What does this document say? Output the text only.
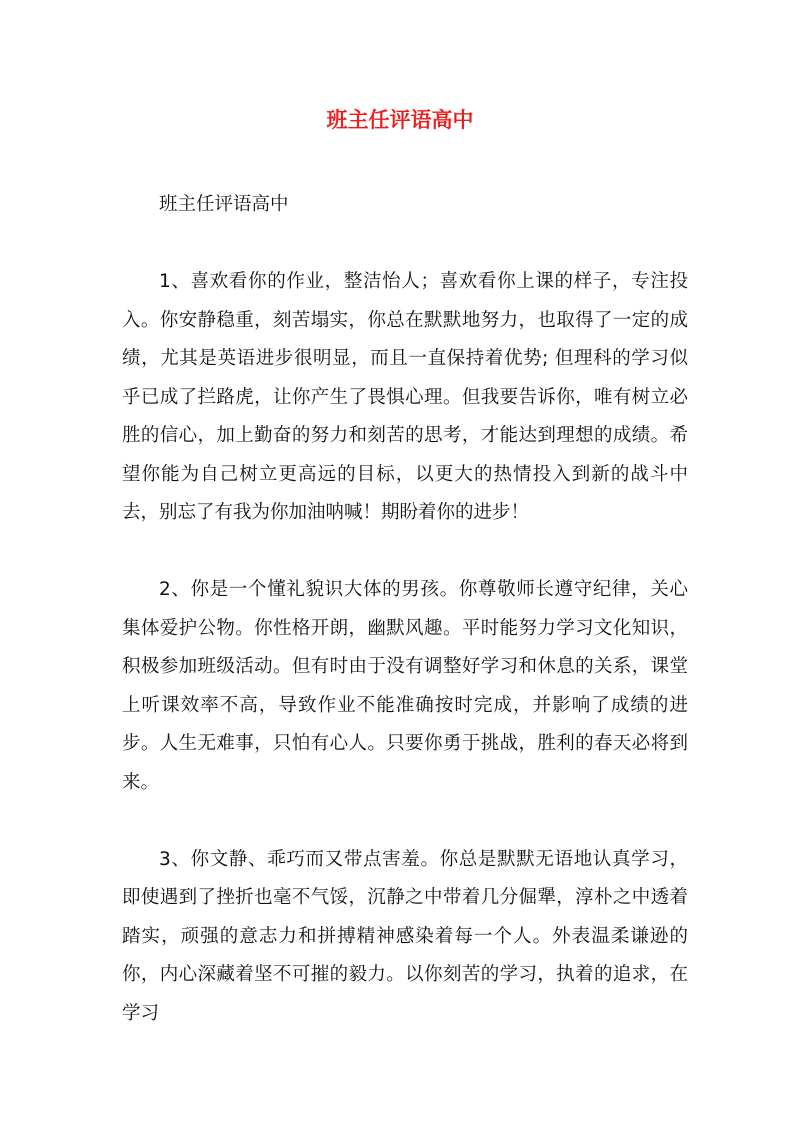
班主任评语高中

班主任评语高中

1、喜欢看你的作业，整洁怡人；喜欢看你上课的样子，专注投入。你安静稳重，刻苦塌实，你总在默默地努力，也取得了一定的成绩，尤其是英语进步很明显，而且一直保持着优势; 但理科的学习似乎已成了拦路虎，让你产生了畏惧心理。但我要告诉你，唯有树立必胜的信心，加上勤奋的努力和刻苦的思考，才能达到理想的成绩。希望你能为自己树立更高远的目标，以更大的热情投入到新的战斗中去，别忘了有我为你加油呐喊！期盼着你的进步！

2、你是一个懂礼貌识大体的男孩。你尊敬师长遵守纪律，关心集体爱护公物。你性格开朗，幽默风趣。平时能努力学习文化知识，积极参加班级活动。但有时由于没有调整好学习和休息的关系，课堂上听课效率不高，导致作业不能准确按时完成，并影响了成绩的进步。人生无难事，只怕有心人。只要你勇于挑战，胜利的春天必将到来。

3、你文静、乖巧而又带点害羞。你总是默默无语地认真学习，即使遇到了挫折也毫不气馁，沉静之中带着几分倔犟，淳朴之中透着踏实，顽强的意志力和拼搏精神感染着每一个人。外表温柔谦逊的你，内心深藏着坚不可摧的毅力。以你刻苦的学习，执着的追求，在学习
